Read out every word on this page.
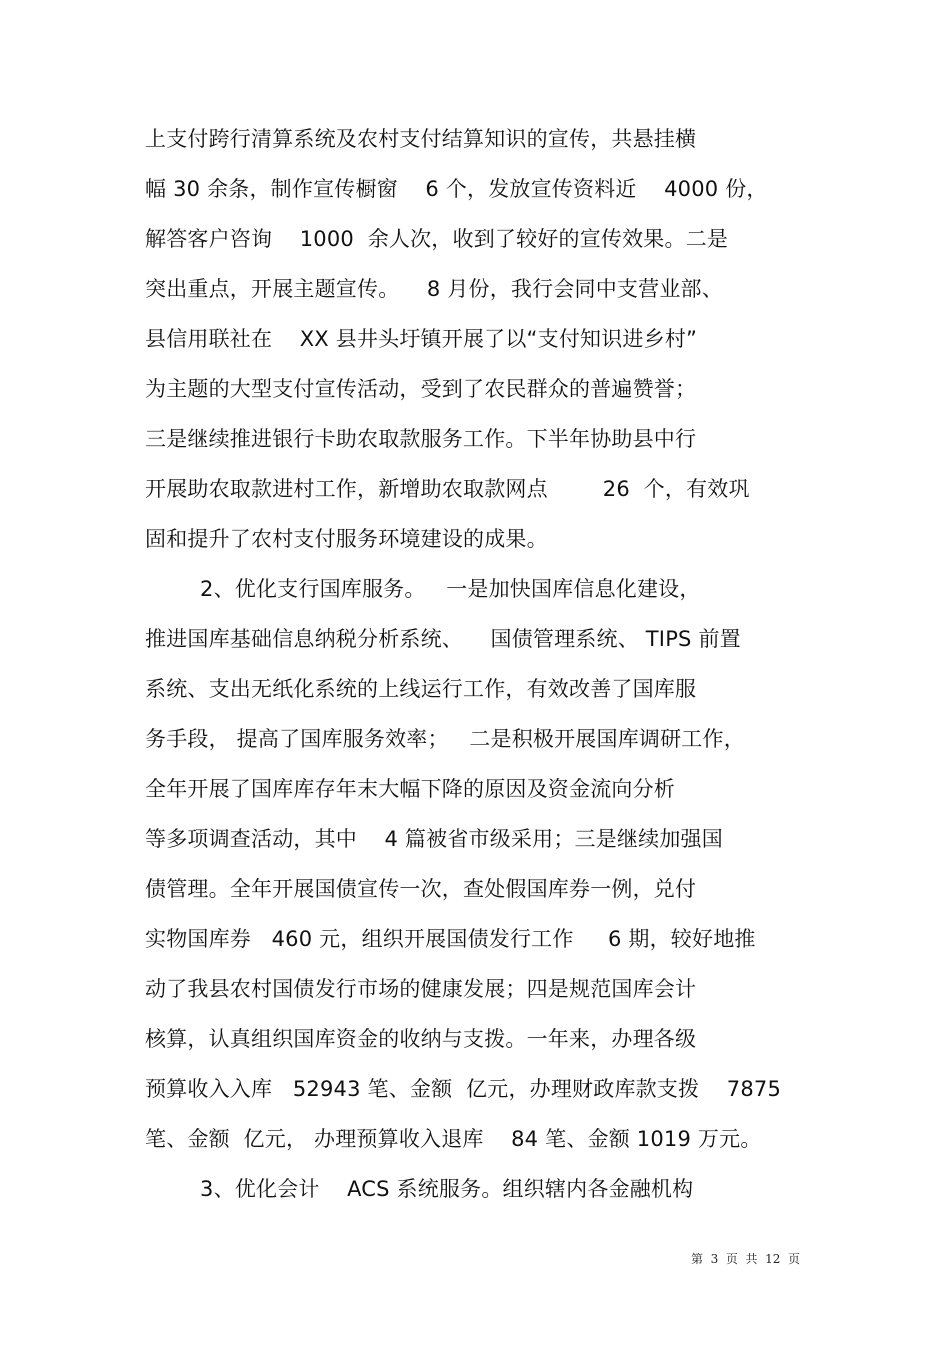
上支付跨行清算系统及农村支付结算知识的宣传，共悬挂横
幅 30 余条，制作宣传橱窗    6 个，发放宣传资料近    4000 份，
解答客户咨询    1000  余人次，收到了较好的宣传效果。二是
突出重点，开展主题宣传。    8 月份，我行会同中支营业部、
县信用联社在    XX 县井头圩镇开展了以“支付知识进乡村”
为主题的大型支付宣传活动，受到了农民群众的普遍赞誉；
三是继续推进银行卡助农取款服务工作。下半年协助县中行
开展助农取款进村工作，新增助农取款网点        26  个，有效巩
固和提升了农村支付服务环境建设的成果。
2、优化支行国库服务。   一是加快国库信息化建设，
推进国库基础信息纳税分析系统、    国债管理系统、 TIPS 前置
系统、支出无纸化系统的上线运行工作，有效改善了国库服
务手段， 提高了国库服务效率；   二是积极开展国库调研工作，
全年开展了国库库存年末大幅下降的原因及资金流向分析
等多项调查活动，其中    4 篇被省市级采用；三是继续加强国
债管理。全年开展国债宣传一次，查处假国库券一例，兑付
实物国库券   460 元，组织开展国债发行工作     6 期，较好地推
动了我县农村国债发行市场的健康发展；四是规范国库会计
核算，认真组织国库资金的收纳与支拨。一年来，办理各级
预算收入入库   52943 笔、金额  亿元，办理财政库款支拨    7875
笔、金额  亿元， 办理预算收入退库    84 笔、金额 1019 万元。
3、优化会计    ACS 系统服务。组织辖内各金融机构
第  3  页  共  12  页
